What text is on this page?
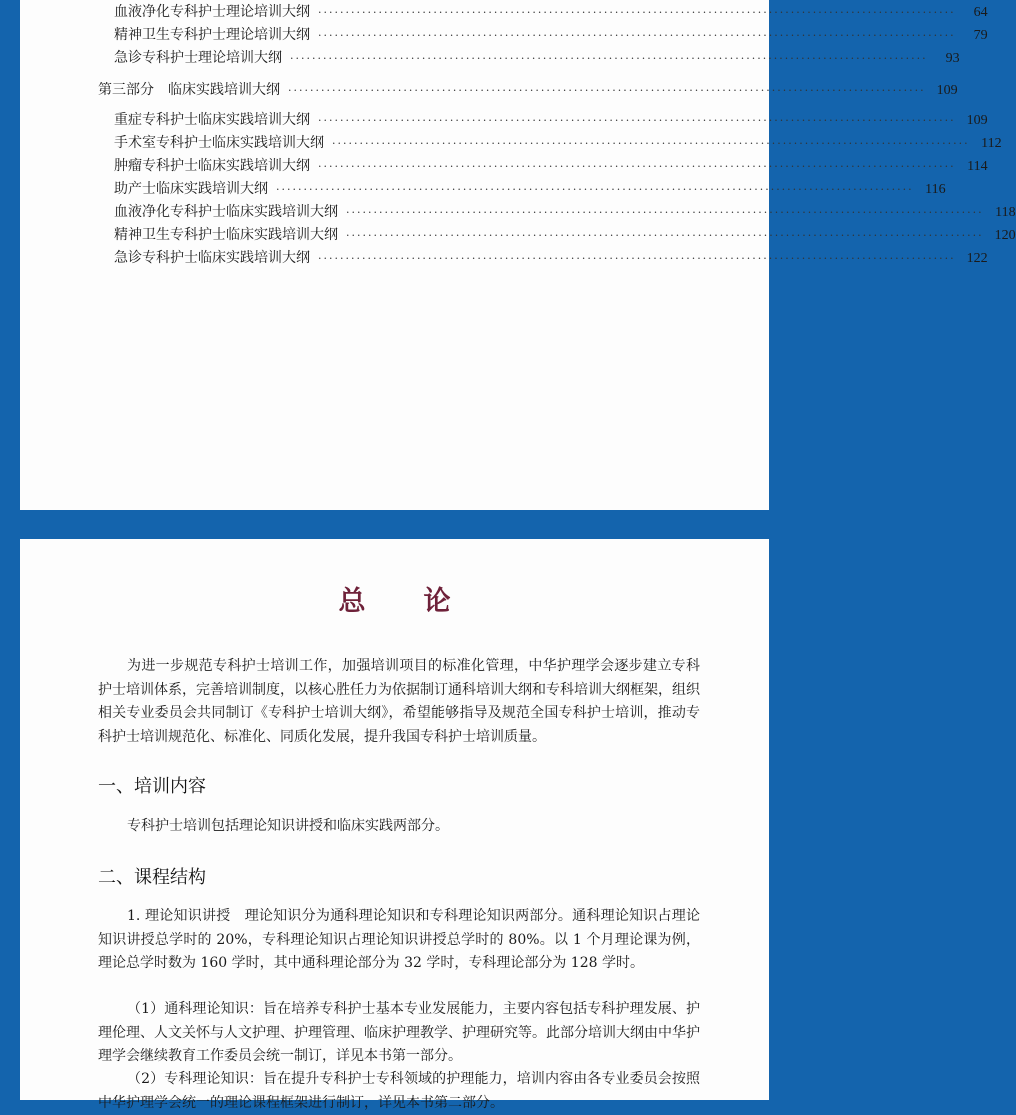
血液净化专科护士理论培训大纲 ·····	64
精神卫生专科护士理论培训大纲 ·····	79
急诊专科护士理论培训大纲 ·····	93
第三部分　临床实践培训大纲 ·····	109
重症专科护士临床实践培训大纲 ·····	109
手术室专科护士临床实践培训大纲 ·····	112
肿瘤专科护士临床实践培训大纲 ·····	114
助产士临床实践培训大纲 ·····	116
血液净化专科护士临床实践培训大纲 ·····	118
精神卫生专科护士临床实践培训大纲 ·····	120
急诊专科护士临床实践培训大纲 ·····	122
总论
为进一步规范专科护士培训工作，加强培训项目的标准化管理，中华护理学会逐步建立专科护士培训体系，完善培训制度，以核心胜任力为依据制订通科培训大纲和专科培训大纲框架，组织相关专业委员会共同制订《专科护士培训大纲》，希望能够指导及规范全国专科护士培训，推动专科护士培训规范化、标准化、同质化发展，提升我国专科护士培训质量。
一、培训内容
专科护士培训包括理论知识讲授和临床实践两部分。
二、课程结构
1. 理论知识讲授　理论知识分为通科理论知识和专科理论知识两部分。通科理论知识占理论知识讲授总学时的 20%，专科理论知识占理论知识讲授总学时的 80%。以 1 个月理论课为例，理论总学时数为 160 学时，其中通科理论部分为 32 学时，专科理论部分为 128 学时。
（1）通科理论知识：旨在培养专科护士基本专业发展能力，主要内容包括专科护理发展、护理伦理、人文关怀与人文护理、护理管理、临床护理教学、护理研究等。此部分培训大纲由中华护理学会继续教育工作委员会统一制订，详见本书第一部分。
（2）专科理论知识：旨在提升专科护士专科领域的护理能力，培训内容由各专业委员会按照中华护理学会统一的理论课程框架进行制订，详见本书第二部分。
